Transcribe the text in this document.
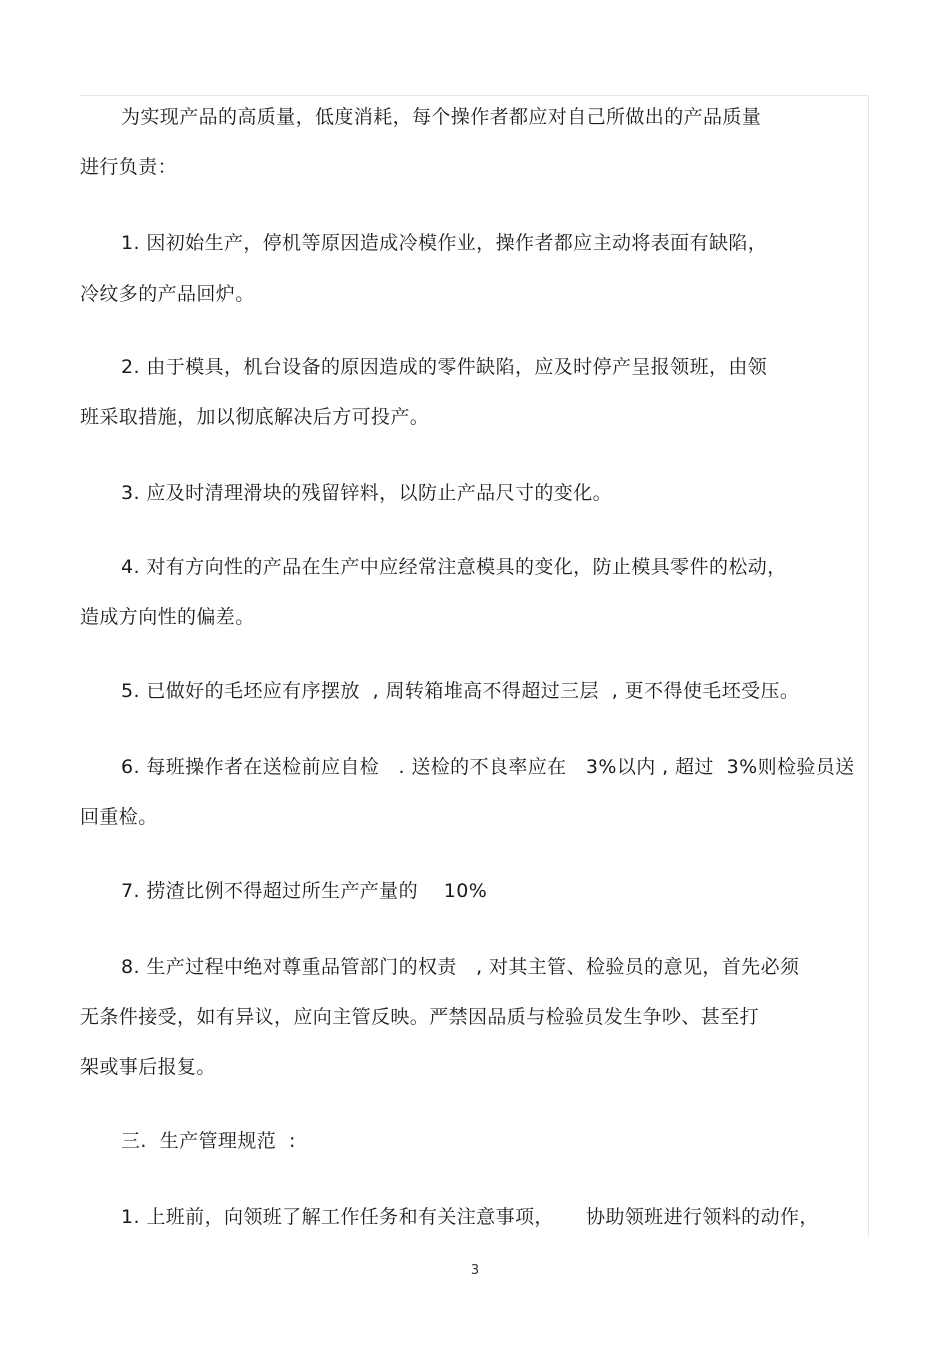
为实现产品的高质量，低度消耗，每个操作者都应对自己所做出的产品质量
进行负责：
1. 因初始生产，停机等原因造成冷模作业，操作者都应主动将表面有缺陷，
冷纹多的产品回炉。
2. 由于模具，机台设备的原因造成的零件缺陷，应及时停产呈报领班，由领
班采取措施，加以彻底解决后方可投产。
3. 应及时清理滑块的残留锌料，以防止产品尺寸的变化。
4. 对有方向性的产品在生产中应经常注意模具的变化，防止模具零件的松动，
造成方向性的偏差。
5. 已做好的毛坯应有序摆放  , 周转箱堆高不得超过三层  , 更不得使毛坯受压。
6. 每班操作者在送检前应自检   . 送检的不良率应在   3%以内 , 超过  3%则检验员送
回重检。
7. 捞渣比例不得超过所生产产量的    10%
8. 生产过程中绝对尊重品管部门的权责   , 对其主管、检验员的意见，首先必须
无条件接受，如有异议，应向主管反映。严禁因品质与检验员发生争吵、甚至打
架或事后报复。
三.  生产管理规范  :
1. 上班前，向领班了解工作任务和有关注意事项，     协助领班进行领料的动作，
3
